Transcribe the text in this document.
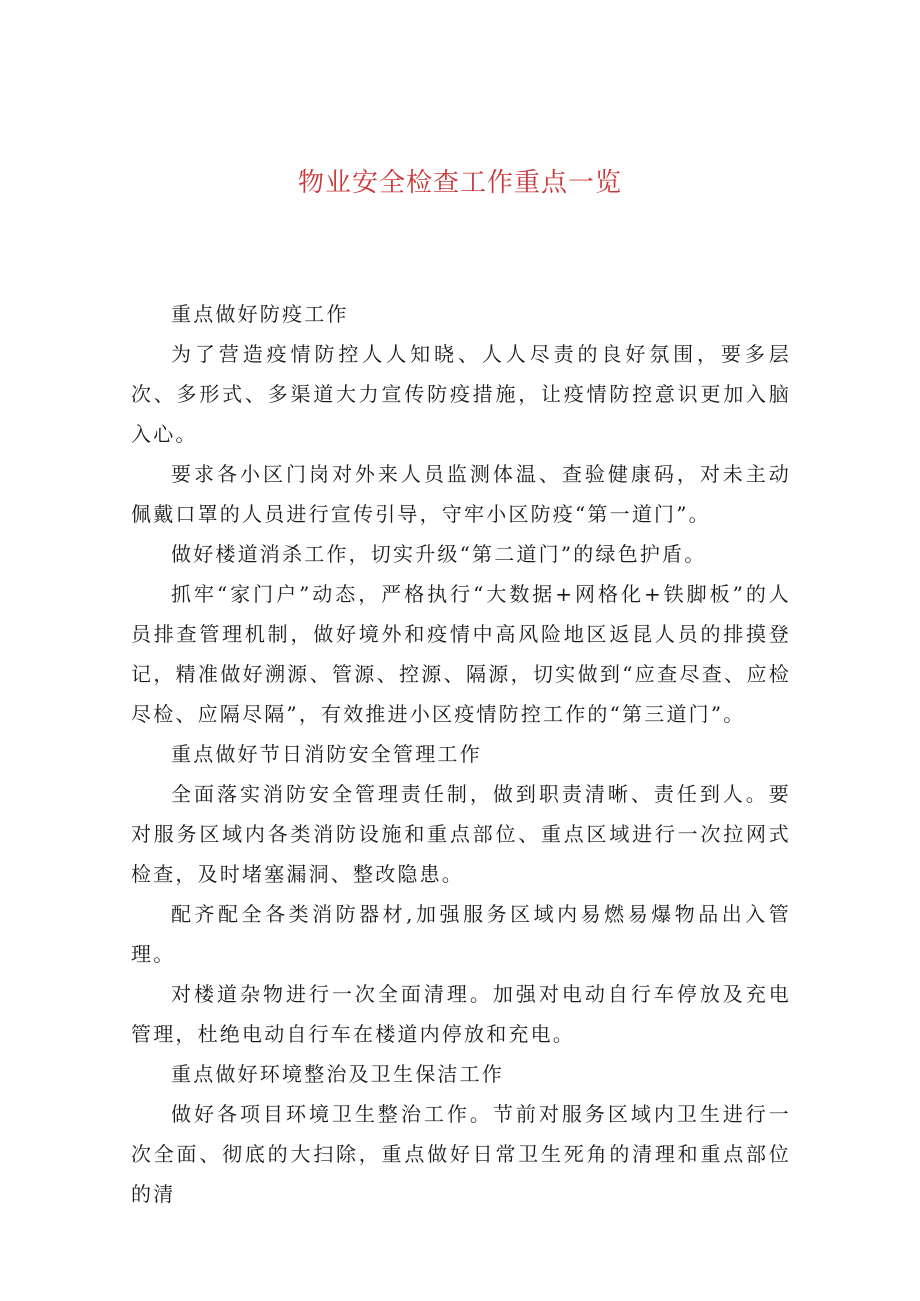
物业安全检查工作重点一览

重点做好防疫工作

为了营造疫情防控人人知晓、人人尽责的良好氛围，要多层次、多形式、多渠道大力宣传防疫措施，让疫情防控意识更加入脑入心。

要求各小区门岗对外来人员监测体温、查验健康码，对未主动佩戴口罩的人员进行宣传引导，守牢小区防疫“第一道门”。

做好楼道消杀工作，切实升级“第二道门”的绿色护盾。

抓牢“家门户”动态，严格执行“大数据+网格化+铁脚板”的人员排查管理机制，做好境外和疫情中高风险地区返昆人员的排摸登记，精准做好溯源、管源、控源、隔源，切实做到“应查尽查、应检尽检、应隔尽隔”，有效推进小区疫情防控工作的“第三道门”。

重点做好节日消防安全管理工作

全面落实消防安全管理责任制，做到职责清晰、责任到人。要对服务区域内各类消防设施和重点部位、重点区域进行一次拉网式检查，及时堵塞漏洞、整改隐患。

配齐配全各类消防器材,加强服务区域内易燃易爆物品出入管理。

对楼道杂物进行一次全面清理。加强对电动自行车停放及充电管理，杜绝电动自行车在楼道内停放和充电。

重点做好环境整治及卫生保洁工作

做好各项目环境卫生整治工作。节前对服务区域内卫生进行一次全面、彻底的大扫除，重点做好日常卫生死角的清理和重点部位的清
